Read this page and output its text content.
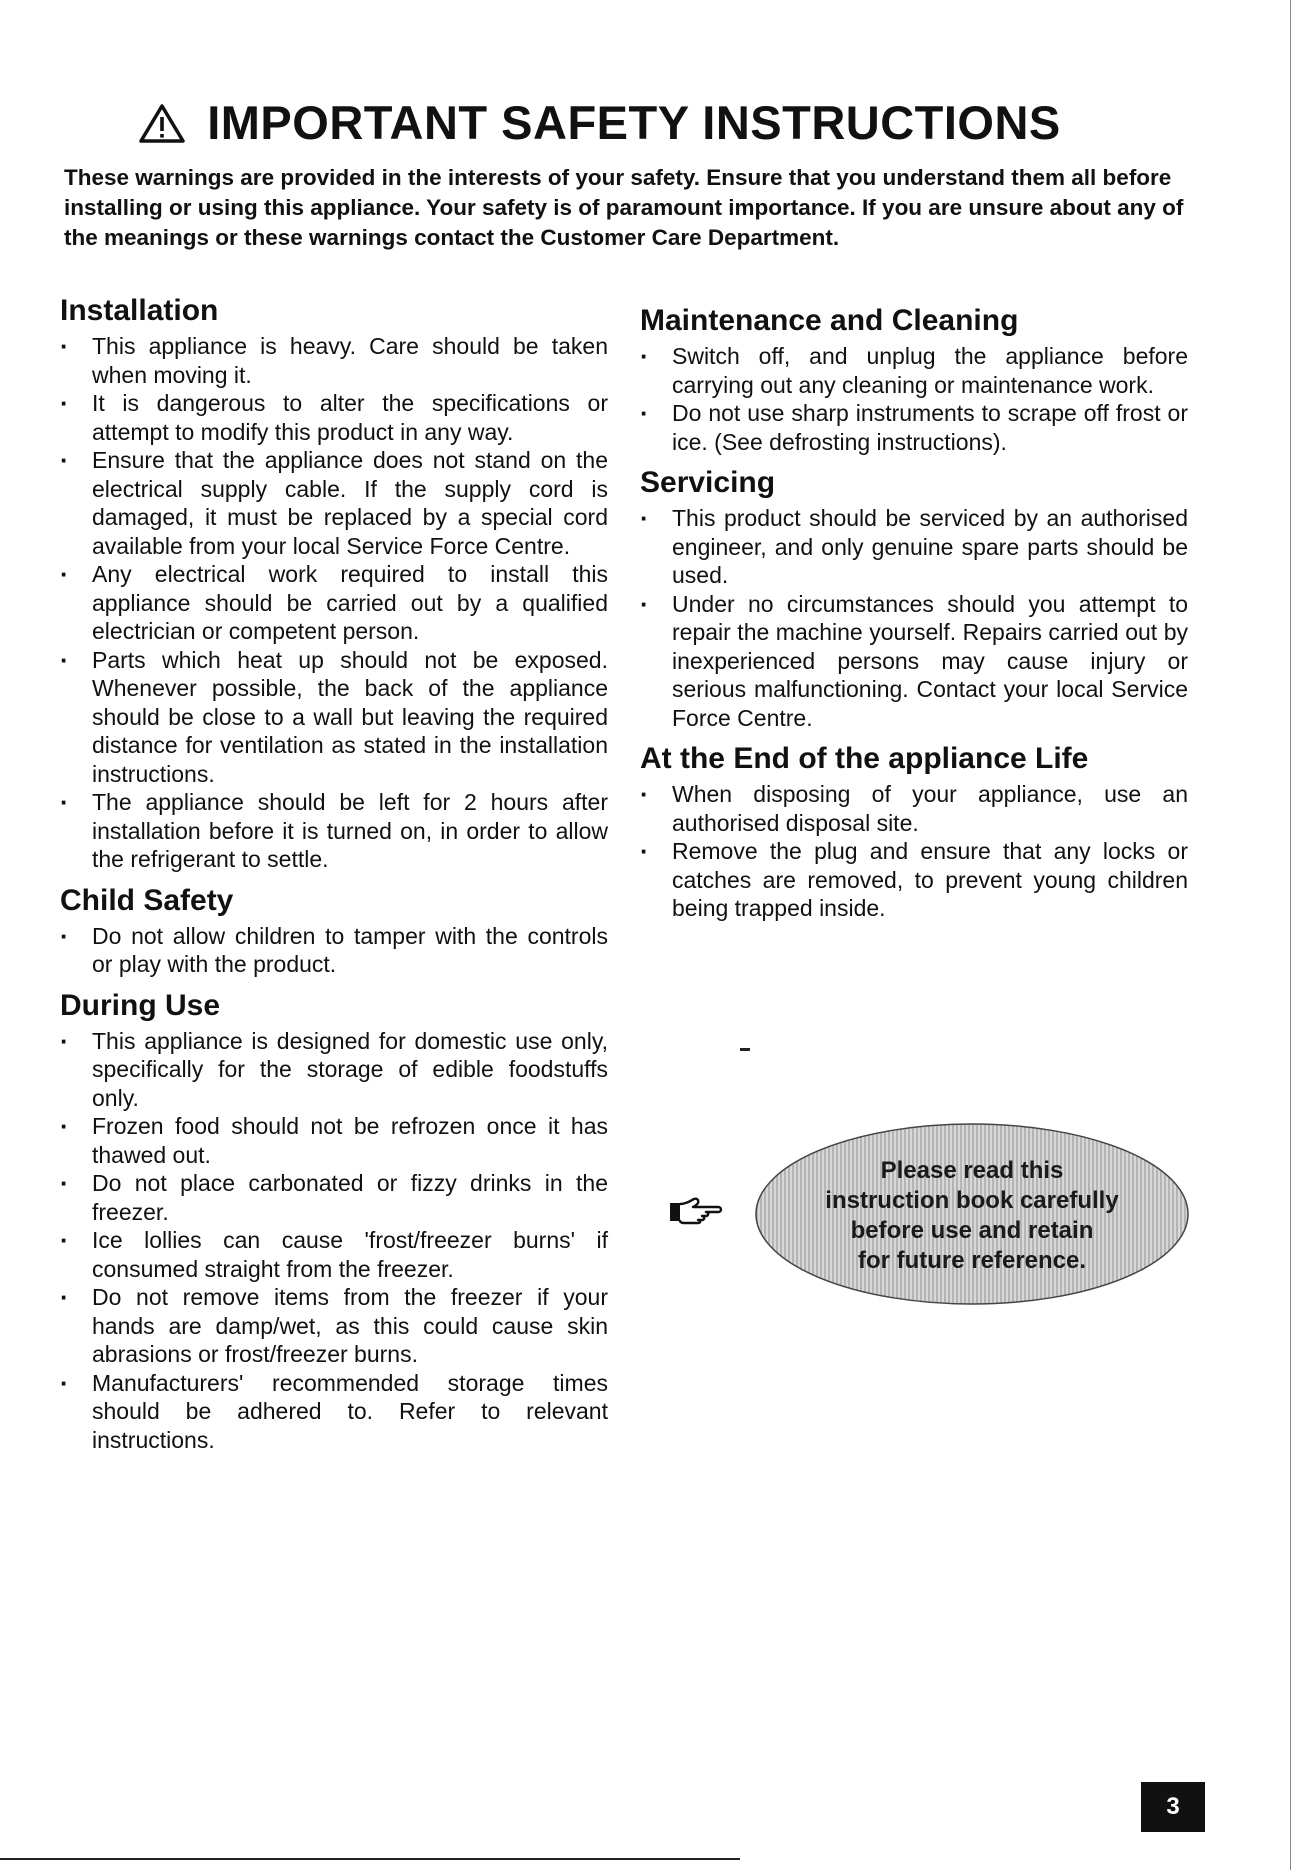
IMPORTANT SAFETY INSTRUCTIONS

These warnings are provided in the interests of your safety. Ensure that you understand them all before installing or using this appliance. Your safety is of paramount importance. If you are unsure about any of the meanings or these warnings contact the Customer Care Department.

Installation
· This appliance is heavy. Care should be taken when moving it.
· It is dangerous to alter the specifications or attempt to modify this product in any way.
· Ensure that the appliance does not stand on the electrical supply cable. If the supply cord is damaged, it must be replaced by a special cord available from your local Service Force Centre.
· Any electrical work required to install this appliance should be carried out by a qualified electrician or competent person.
· Parts which heat up should not be exposed. Whenever possible, the back of the appliance should be close to a wall but leaving the required distance for ventilation as stated in the installation instructions.
· The appliance should be left for 2 hours after installation before it is turned on, in order to allow the refrigerant to settle.
Child Safety
· Do not allow children to tamper with the controls or play with the product.
During Use
· This appliance is designed for domestic use only, specifically for the storage of edible foodstuffs only.
· Frozen food should not be refrozen once it has thawed out.
· Do not place carbonated or fizzy drinks in the freezer.
· Ice lollies can cause 'frost/freezer burns' if consumed straight from the freezer.
· Do not remove items from the freezer if your hands are damp/wet, as this could cause skin abrasions or frost/freezer burns.
· Manufacturers' recommended storage times should be adhered to. Refer to relevant instructions.
Maintenance and Cleaning
· Switch off, and unplug the appliance before carrying out any cleaning or maintenance work.
· Do not use sharp instruments to scrape off frost or ice. (See defrosting instructions).
Servicing
· This product should be serviced by an authorised engineer, and only genuine spare parts should be used.
· Under no circumstances should you attempt to repair the machine yourself. Repairs carried out by inexperienced persons may cause injury or serious malfunctioning. Contact your local Service Force Centre.
At the End of the appliance Life
· When disposing of your appliance, use an authorised disposal site.
· Remove the plug and ensure that any locks or catches are removed, to prevent young children being trapped inside.
Please read this
instruction book carefully
before use and retain
for future reference.
3
